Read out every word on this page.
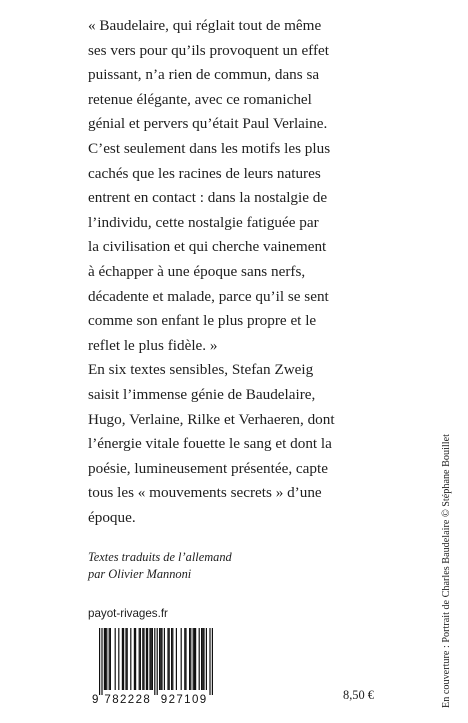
« Baudelaire, qui réglait tout de même

ses vers pour qu’ils provoquent un effet

puissant, n’a rien de commun, dans sa

retenue élégante, avec ce romanichel

génial et pervers qu’était Paul Verlaine.

C’est seulement dans les motifs les plus

cachés que les racines de leurs natures

entrent en contact : dans la nostalgie de

l’individu, cette nostalgie fatiguée par

la civilisation et qui cherche vainement

à échapper à une époque sans nerfs,

décadente et malade, parce qu’il se sent

comme son enfant le plus propre et le

reflet le plus fidèle. »

En six textes sensibles, Stefan Zweig

saisit l’immense génie de Baudelaire,

Hugo, Verlaine, Rilke et Verhaeren, dont

l’énergie vitale fouette le sang et dont la

poésie, lumineusement présentée, capte

tous les « mouvements secrets » d’une

époque.

Textes traduits de l’allemand
par Olivier Mannoni
payot-rivages.fr
9 782228 927109	8,50 €	En couverture : Portrait de Charles Baudelaire © Stéphane Bouillet
